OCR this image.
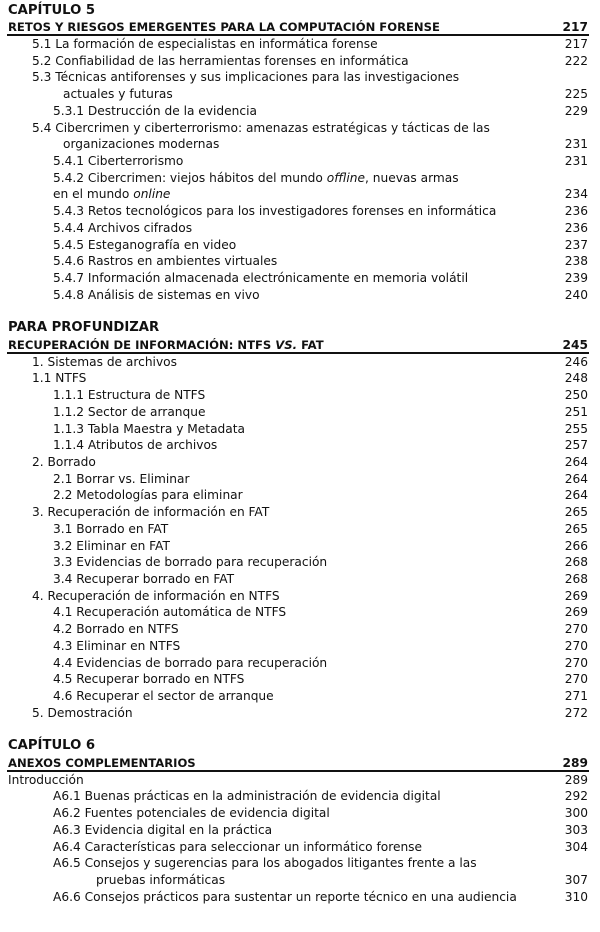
CAPÍTULO 5
RETOS Y RIESGOS EMERGENTES PARA LA COMPUTACIÓN FORENSE	217
5.1 La formación de especialistas en informática forense	217
5.2 Confiabilidad de las herramientas forenses en informática	222
5.3 Técnicas antiforenses y sus implicaciones para las investigaciones
actuales y futuras	225
5.3.1 Destrucción de la evidencia	229
5.4 Cibercrimen y ciberterrorismo: amenazas estratégicas y tácticas de las
organizaciones modernas	231
5.4.1 Ciberterrorismo	231
5.4.2 Cibercrimen: viejos hábitos del mundo offline, nuevas armas
en el mundo online	234
5.4.3 Retos tecnológicos para los investigadores forenses en informática	236
5.4.4 Archivos cifrados	236
5.4.5 Esteganografía en video	237
5.4.6 Rastros en ambientes virtuales	238
5.4.7 Información almacenada electrónicamente en memoria volátil	239
5.4.8 Análisis de sistemas en vivo	240
PARA PROFUNDIZAR
RECUPERACIÓN DE INFORMACIÓN: NTFS VS. FAT	245
1. Sistemas de archivos	246
1.1 NTFS	248
1.1.1 Estructura de NTFS	250
1.1.2 Sector de arranque	251
1.1.3 Tabla Maestra y Metadata	255
1.1.4 Atributos de archivos	257
2. Borrado	264
2.1 Borrar vs. Eliminar	264
2.2 Metodologías para eliminar	264
3. Recuperación de información en FAT	265
3.1 Borrado en FAT	265
3.2 Eliminar en FAT	266
3.3 Evidencias de borrado para recuperación	268
3.4 Recuperar borrado en FAT	268
4. Recuperación de información en NTFS	269
4.1 Recuperación automática de NTFS	269
4.2 Borrado en NTFS	270
4.3 Eliminar en NTFS	270
4.4 Evidencias de borrado para recuperación	270
4.5 Recuperar borrado en NTFS	270
4.6 Recuperar el sector de arranque	271
5. Demostración	272
CAPÍTULO 6
ANEXOS COMPLEMENTARIOS	289
Introducción	289
A6.1 Buenas prácticas en la administración de evidencia digital	292
A6.2 Fuentes potenciales de evidencia digital	300
A6.3 Evidencia digital en la práctica	303
A6.4 Características para seleccionar un informático forense	304
A6.5 Consejos y sugerencias para los abogados litigantes frente a las
pruebas informáticas	307
A6.6 Consejos prácticos para sustentar un reporte técnico en una audiencia	310
